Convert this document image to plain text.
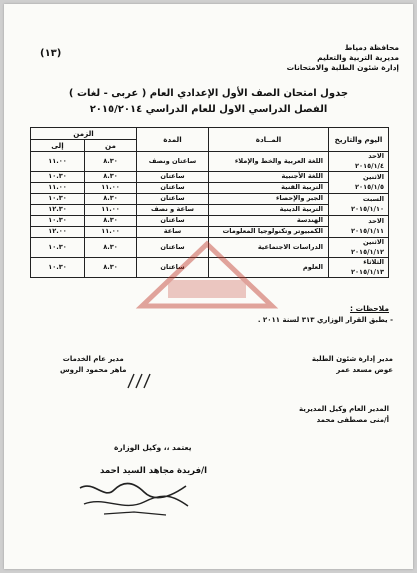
(١٣)
محافظة دمياط
مديرية التربية والتعليم
إدارة شئون الطلبة والامتحانات
جدول امتحان الصف الأول الإعدادي العام ( عربى - لغات )
الفصل الدراسي الاول للعام الدراسي ٢٠١٥/٢٠١٤
اليوم والتاريخ	المــادة	المدة	الزمن	
			من	إلى

الاحد
٢٠١٥/١/٤	اللغة العربية والخط والإملاء	ساعتان ونصف	٨.٣٠	١١.٠٠

الاثنين
٢٠١٥/١/٥	اللغة الأجنبية	ساعتان	٨.٣٠	١٠.٣٠
	التربية الفنية	ساعتان	١١.٠٠	١١.٠٠

السبت
٢٠١٥/١/١٠	الجبر والإحصاء	ساعتان	٨.٣٠	١٠.٣٠
	التربية الدينية	ساعة و نصف	١١.٠٠	١٢.٣٠

الاحد
٢٠١٥/١/١١	الهندسة	ساعتان	٨.٣٠	١٠.٣٠
	الكمبيوتر وتكنولوجيا المعلومات	ساعة	١١.٠٠	١٢.٠٠

الاثنين
٢٠١٥/١/١٢	الدراسات الاجتماعية	ساعتان	٨.٣٠	١٠.٣٠

الثلاثاء
٢٠١٥/١/١٣	العلوم	ساعتان	٨.٣٠	١٠.٣٠
ملاحظات :
- يطبق القرار الوزاري ٣١٣ لسنة ٢٠١١ .
مدير إدارة شئون الطلبة
عوض مسعد عمر
مدير عام الخدمات
ماهر محمود الروس
المدير العام وكيل المديرية
أ/منى مصطفى محمد
يعتمد ،، وكيل الوزارة
ا/فريدة مجاهد السيد احمد
